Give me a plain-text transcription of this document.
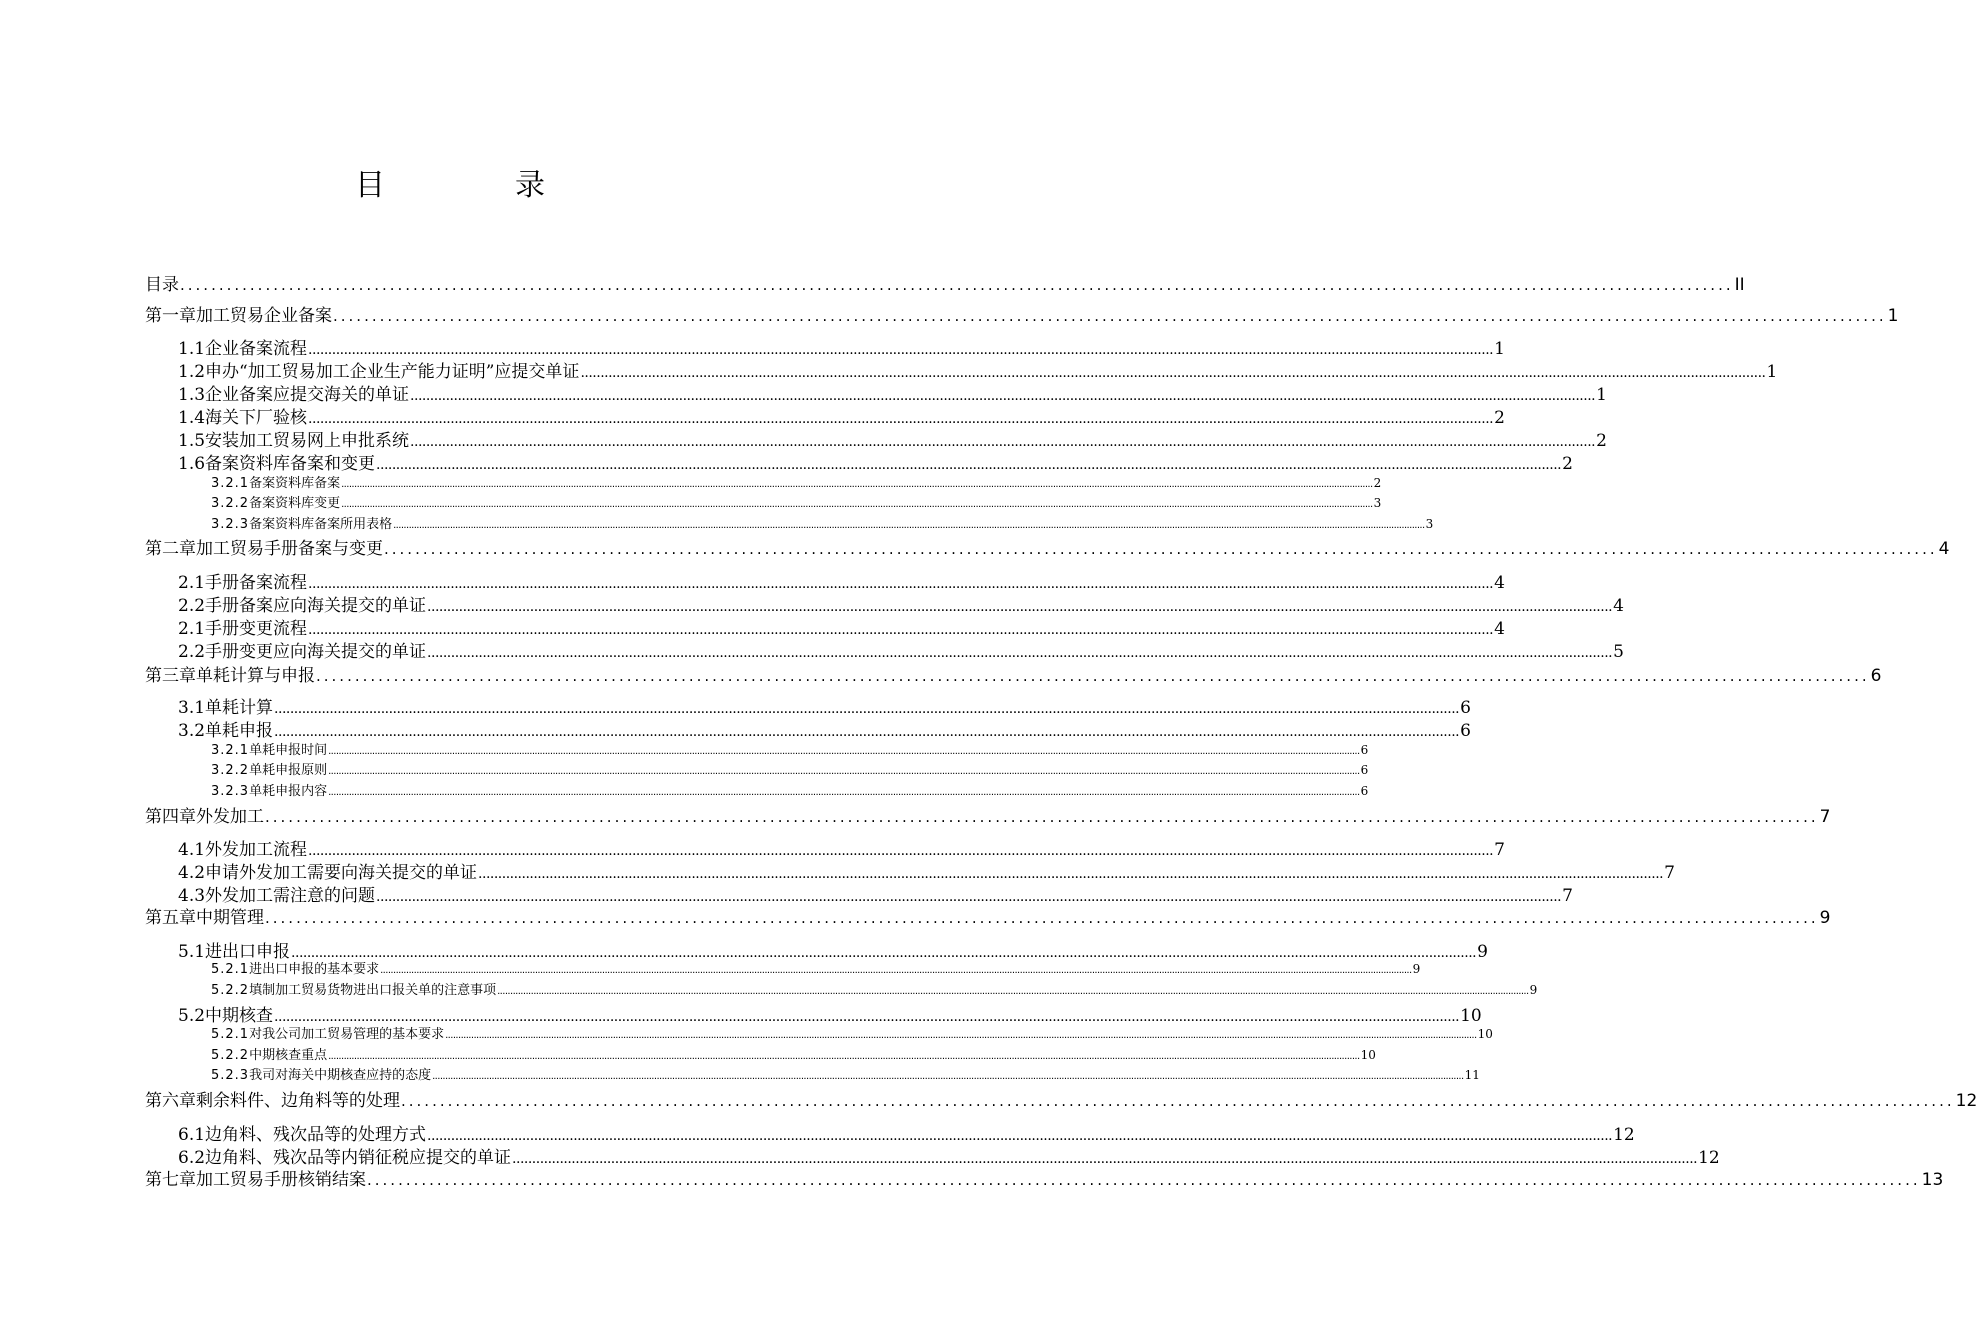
目　录
目 录 ........................................................................................................................................................................................................ II
第一章 加工贸易企业备案 ........................................................................................................................................................................................................ 1
1.1 企业备案流程 ............................................................................................................................................................................................................................................................................................................ 1
1.2 申办“加工贸易加工企业生产能力证明”应提交单证 ............................................................................................................................................................................................................................................................................................................ 1
1.3 企业备案应提交海关的单证 ............................................................................................................................................................................................................................................................................................................ 1
1.4 海关下厂验核 ............................................................................................................................................................................................................................................................................................................ 2
1.5 安装加工贸易网上申批系统 ............................................................................................................................................................................................................................................................................................................ 2
1.6 备案资料库备案和变更 ............................................................................................................................................................................................................................................................................................................ 2
3.2.1 备案资料库备案 ................................................................................................................................................................................................................................................................................................................................................................................................................ 2
3.2.2 备案资料库变更 ................................................................................................................................................................................................................................................................................................................................................................................................................ 3
3.2.3 备案资料库备案所用表格 ................................................................................................................................................................................................................................................................................................................................................................................................................ 3
第二章 加工贸易手册备案与变更 ........................................................................................................................................................................................................ 4
2.1 手册备案流程 ............................................................................................................................................................................................................................................................................................................ 4
2.2 手册备案应向海关提交的单证 ............................................................................................................................................................................................................................................................................................................ 4
2.1 手册变更流程 ............................................................................................................................................................................................................................................................................................................ 4
2.2 手册变更应向海关提交的单证 ............................................................................................................................................................................................................................................................................................................ 5
第三章 单耗计算与申报 ........................................................................................................................................................................................................ 6
3.1 单耗计算 ............................................................................................................................................................................................................................................................................................................ 6
3.2 单耗申报 ............................................................................................................................................................................................................................................................................................................ 6
3.2.1 单耗申报时间 ................................................................................................................................................................................................................................................................................................................................................................................................................ 6
3.2.2 单耗申报原则 ................................................................................................................................................................................................................................................................................................................................................................................................................ 6
3.2.3 单耗申报内容 ................................................................................................................................................................................................................................................................................................................................................................................................................ 6
第四章 外发加工 ........................................................................................................................................................................................................ 7
4.1 外发加工流程 ............................................................................................................................................................................................................................................................................................................ 7
4.2 申请外发加工需要向海关提交的单证 ............................................................................................................................................................................................................................................................................................................ 7
4.3 外发加工需注意的问题 ............................................................................................................................................................................................................................................................................................................ 7
第五章 中期管理 ........................................................................................................................................................................................................ 9
5.1 进出口申报 ............................................................................................................................................................................................................................................................................................................ 9
5.2.1 进出口申报的基本要求 ................................................................................................................................................................................................................................................................................................................................................................................................................ 9
5.2.2 填制加工贸易货物进出口报关单的注意事项 ................................................................................................................................................................................................................................................................................................................................................................................................................ 9
5.2 中期核查 ............................................................................................................................................................................................................................................................................................................ 10
5.2.1 对我公司加工贸易管理的基本要求 ................................................................................................................................................................................................................................................................................................................................................................................................................ 10
5.2.2 中期核查重点 ................................................................................................................................................................................................................................................................................................................................................................................................................ 10
5.2.3 我司对海关中期核查应持的态度 ................................................................................................................................................................................................................................................................................................................................................................................................................ 11
第六章 剩余料件、边角料等的处理 ........................................................................................................................................................................................................ 12
6.1 边角料、残次品等的处理方式 ............................................................................................................................................................................................................................................................................................................ 12
6.2 边角料、残次品等内销征税应提交的单证 ............................................................................................................................................................................................................................................................................................................ 12
第七章 加工贸易手册核销结案 ........................................................................................................................................................................................................ 13
